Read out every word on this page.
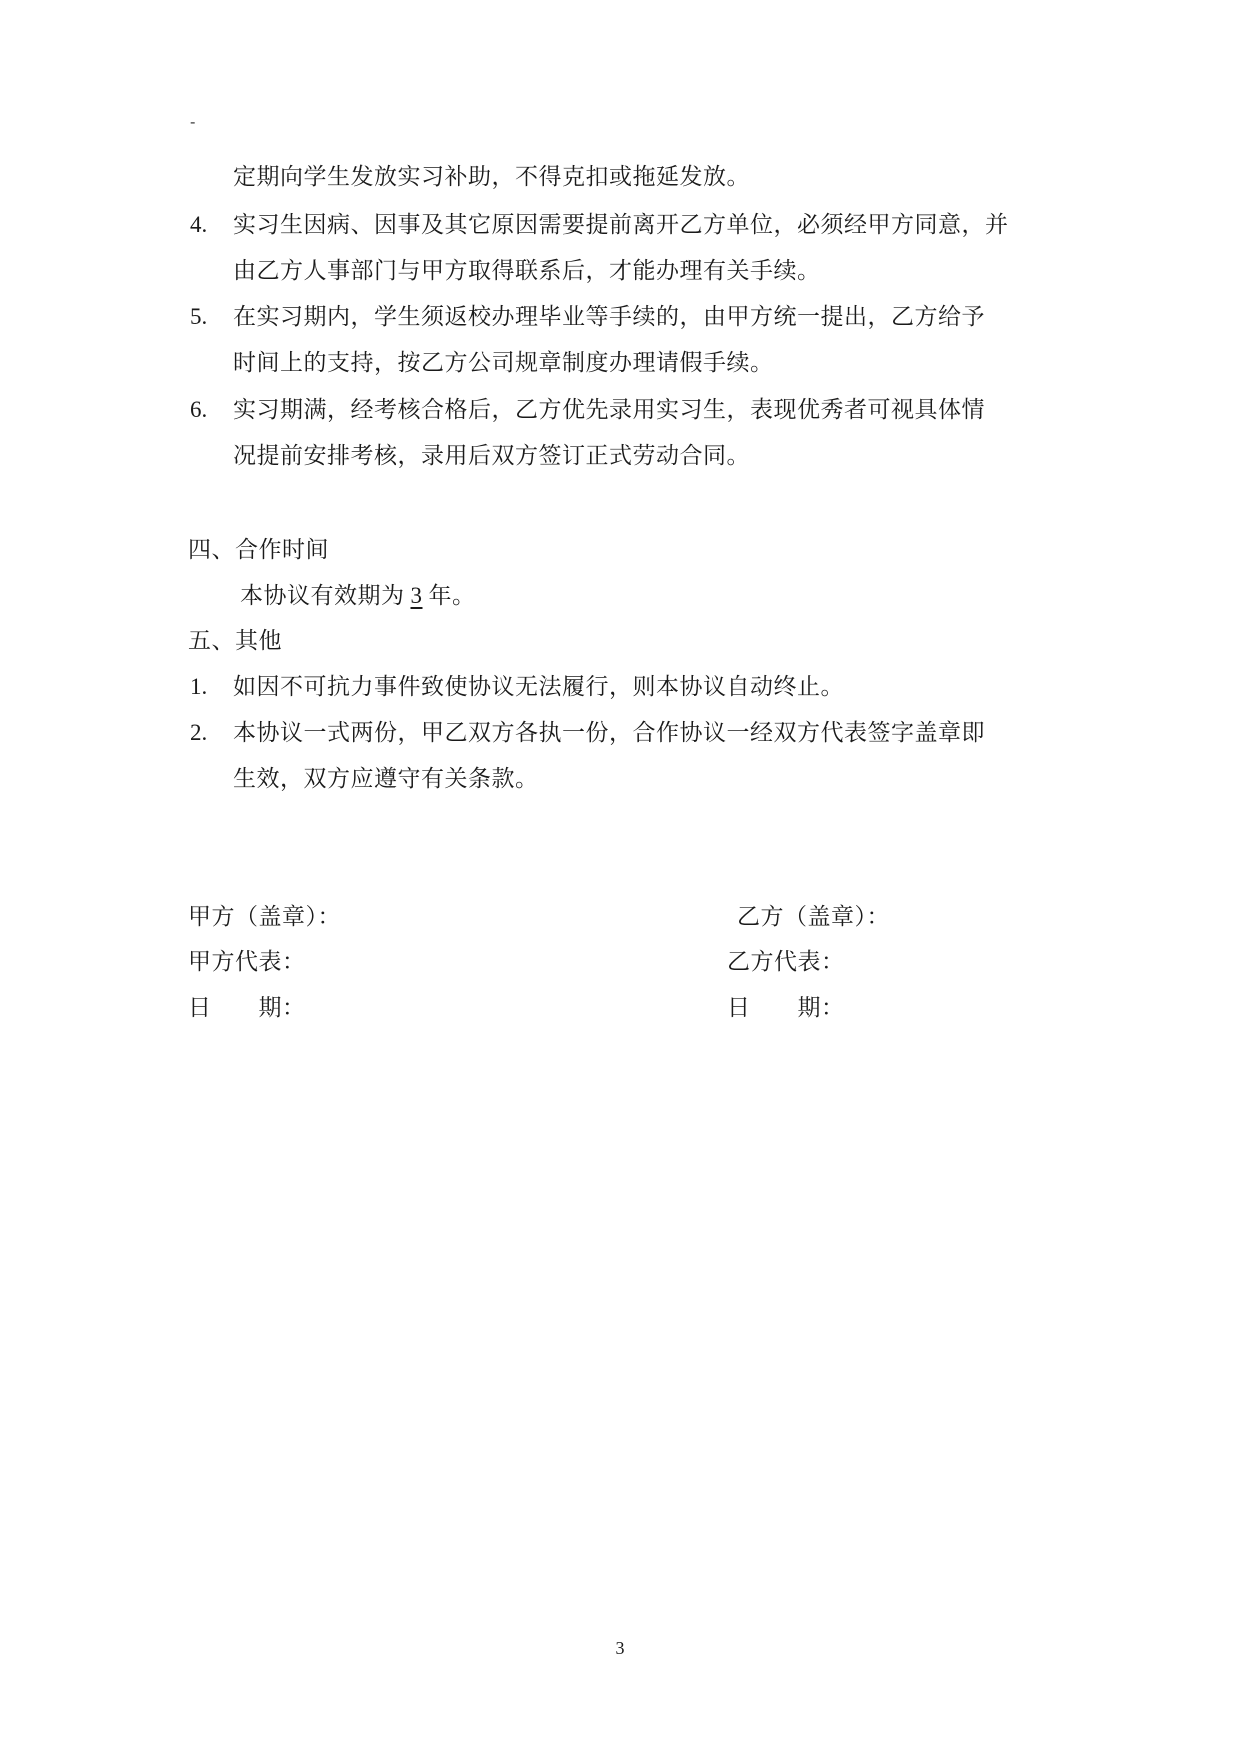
-
定期向学生发放实习补助，不得克扣或拖延发放。
4. 实习生因病、因事及其它原因需要提前离开乙方单位，必须经甲方同意，并
由乙方人事部门与甲方取得联系后，才能办理有关手续。
5. 在实习期内，学生须返校办理毕业等手续的，由甲方统一提出，乙方给予
时间上的支持，按乙方公司规章制度办理请假手续。
6. 实习期满，经考核合格后，乙方优先录用实习生，表现优秀者可视具体情
况提前安排考核，录用后双方签订正式劳动合同。
四、合作时间
本协议有效期为 3 年。
五、其他
1. 如因不可抗力事件致使协议无法履行，则本协议自动终止。
2. 本协议一式两份，甲乙双方各执一份，合作协议一经双方代表签字盖章即
生效，双方应遵守有关条款。
甲方（盖章）：
甲方代表：
日　　期：
乙方（盖章）：
乙方代表：
日　　期：
3
